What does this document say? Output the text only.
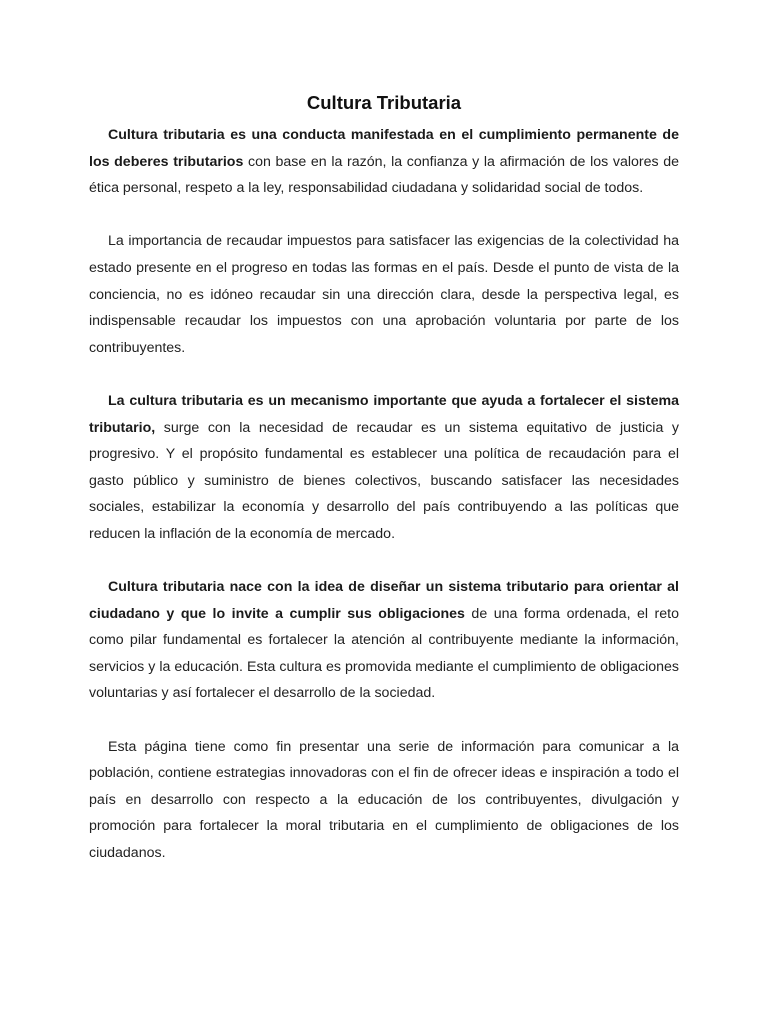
Cultura Tributaria

Cultura tributaria es una conducta manifestada en el cumplimiento permanente de los deberes tributarios con base en la razón, la confianza y la afirmación de los valores de ética personal, respeto a la ley, responsabilidad ciudadana y solidaridad social de todos.

La importancia de recaudar impuestos para satisfacer las exigencias de la colectividad ha estado presente en el progreso en todas las formas en el país. Desde el punto de vista de la conciencia, no es idóneo recaudar sin una dirección clara, desde la perspectiva legal, es indispensable recaudar los impuestos con una aprobación voluntaria por parte de los contribuyentes.

La cultura tributaria es un mecanismo importante que ayuda a fortalecer el sistema tributario, surge con la necesidad de recaudar es un sistema equitativo de justicia y progresivo. Y el propósito fundamental es establecer una política de recaudación para el gasto público y suministro de bienes colectivos, buscando satisfacer las necesidades sociales, estabilizar la economía y desarrollo del país contribuyendo a las políticas que reducen la inflación de la economía de mercado.

Cultura tributaria nace con la idea de diseñar un sistema tributario para orientar al ciudadano y que lo invite a cumplir sus obligaciones de una forma ordenada, el reto como pilar fundamental es fortalecer la atención al contribuyente mediante la información, servicios y la educación. Esta cultura es promovida mediante el cumplimiento de obligaciones voluntarias y así fortalecer el desarrollo de la sociedad.

Esta página tiene como fin presentar una serie de información para comunicar a la población, contiene estrategias innovadoras con el fin de ofrecer ideas e inspiración a todo el país en desarrollo con respecto a la educación de los contribuyentes, divulgación y promoción para fortalecer la moral tributaria en el cumplimiento de obligaciones de los ciudadanos.
